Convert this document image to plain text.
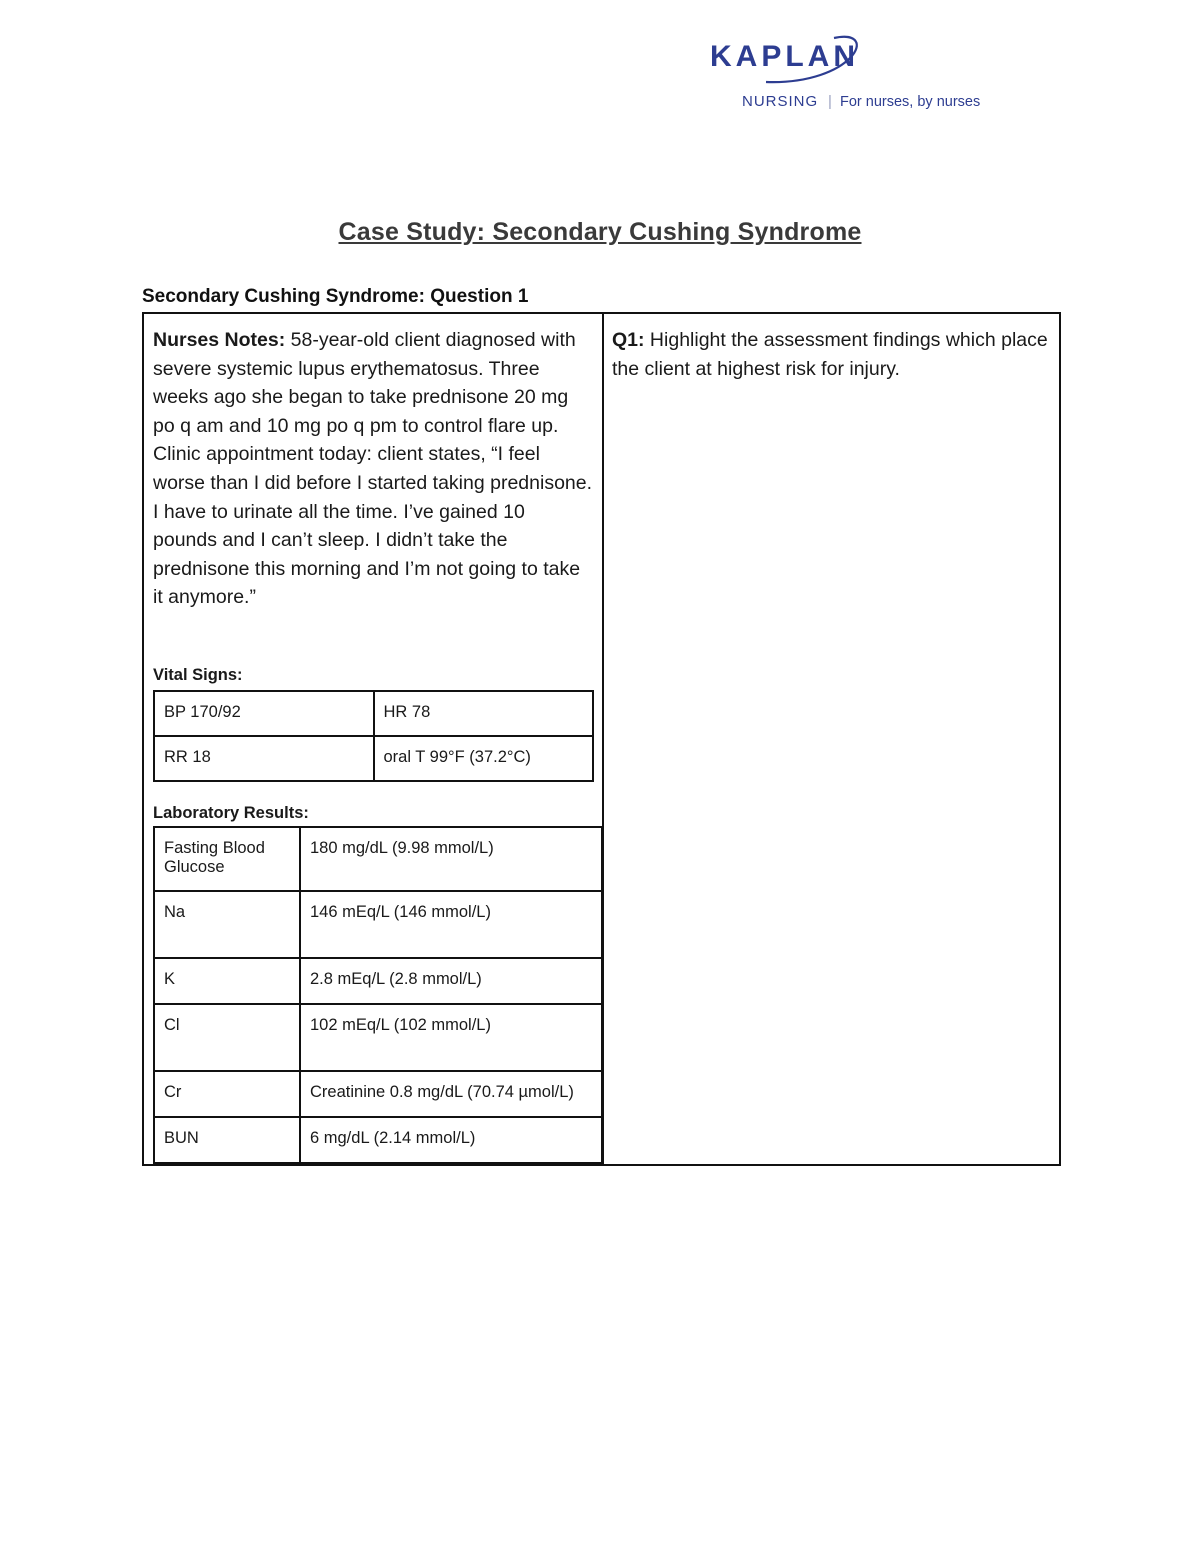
KAPLAN
NURSING | For nurses, by nurses
Case Study: Secondary Cushing Syndrome
Secondary Cushing Syndrome: Question 1
Nurses Notes: 58-year-old client diagnosed with severe systemic lupus erythematosus. Three weeks ago she began to take prednisone 20 mg po q am and 10 mg po q pm to control flare up. Clinic appointment today: client states, “I feel worse than I did before I started taking prednisone. I have to urinate all the time. I’ve gained 10 pounds and I can’t sleep. I didn’t take the prednisone this morning and I’m not going to take it anymore.”
Vital Signs:
BP 170/92	HR 78
RR 18	oral T 99°F (37.2°C)
Laboratory Results:
Fasting Blood Glucose	180 mg/dL (9.98 mmol/L)
Na	146 mEq/L (146 mmol/L)
K	2.8 mEq/L (2.8 mmol/L)
Cl	102 mEq/L (102 mmol/L)
Cr	Creatinine 0.8 mg/dL (70.74 µmol/L)
BUN	6 mg/dL (2.14 mmol/L)

Q1: Highlight the assessment findings which place the client at highest risk for injury.
